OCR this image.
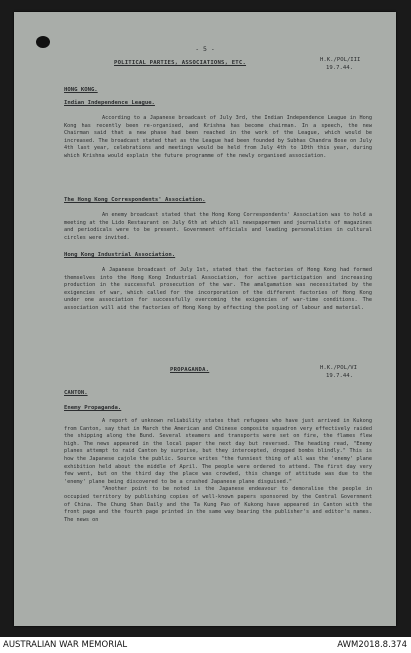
- 5 -
POLITICAL PARTIES, ASSOCIATIONS, ETC.	H.K./POL/III
19.7.44.
HONG KONG.
Indian Independence League.

According to a Japanese broadcast of July 3rd, the Indian Independence League in Hong Kong has recently been re-organised, and Krishna has become chairman. In a speech, the new Chairman said that a new phase had been reached in the work of the League, which would be increased. The broadcast stated that as the League had been founded by Subhas Chandra Bose on July 4th last year, celebrations and meetings would be held from July 4th to 10th this year, during which Krishna would explain the future programme of the newly organised association.

The Hong Kong Correspondents' Association.

An enemy broadcast stated that the Hong Kong Correspondents' Association was to hold a meeting at the Lido Restaurant on July 6th at which all newspapermen and journalists of magazines and periodicals were to be present. Government officials and leading personalities in cultural circles were invited.

Hong Kong Industrial Association.

A Japanese broadcast of July 1st, stated that the factories of Hong Kong had formed themselves into the Hong Kong Industrial Association, for active participation and increasing production in the successful prosecution of the war. The amalgamation was necessitated by the exigencies of war, which called for the incorporation of the different factories of Hong Kong under one association for successfully overcoming the exigencies of war-time conditions. The association will aid the factories of Hong Kong by effecting the pooling of labour and material.

PROPAGANDA.	H.K./POL/VI
19.7.44.
CANTON.
Enemy Propaganda.

A report of unknown reliability states that refugees who have just arrived in Kukong from Canton, say that in March the American and Chinese composite squadron very effectively raided the shipping along the Bund. Several steamers and transports were set on fire, the flames flew high. The news appeared in the local paper the next day but reversed. The heading read, "Enemy planes attempt to raid Canton by surprise, but they intercepted, dropped bombs blindly." This is how the Japanese cajole the public. Source writes "the funniest thing of all was the 'enemy' plane exhibition held about the middle of April. The people were ordered to attend. The first day very few went, but on the third day the place was crowded, this change of attitude was due to the 'enemy' plane being discovered to be a crashed Japanese plane disguised."

"Another point to be noted is the Japanese endeavour to demoralise the people in occupied territory by publishing copies of well-known papers sponsored by the Central Government of China. The Chung Shan Daily and the Ta Kung Pao of Kukong have appeared in Canton with the front page and the fourth page printed in the same way bearing the publisher's and editor's names. The news on

AUSTRALIAN WAR MEMORIAL	AWM2018.8.374
